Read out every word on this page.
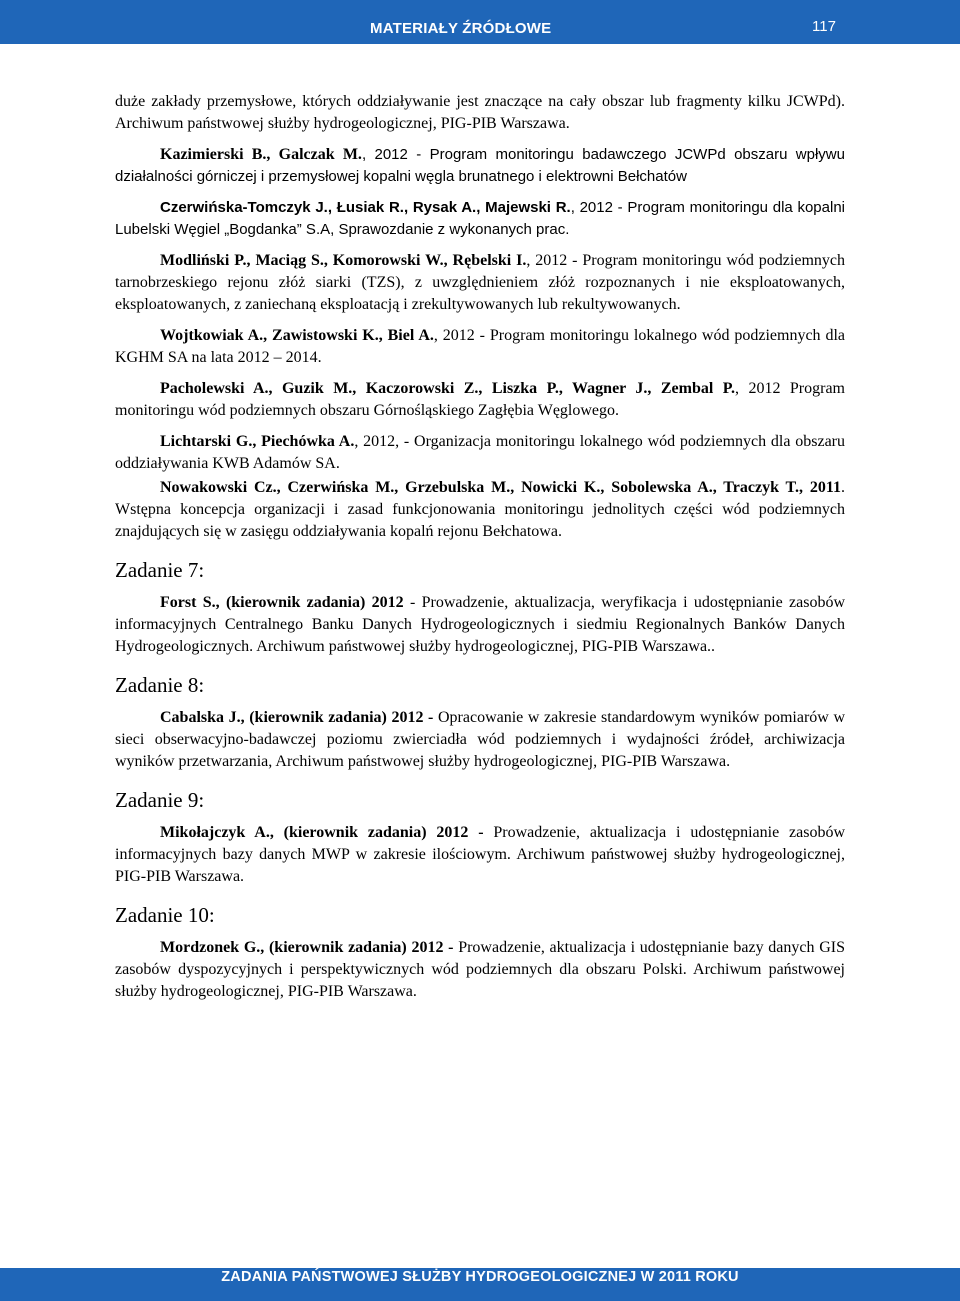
MATERIAŁY ŹRÓDŁOWE	117

duże zakłady przemysłowe, których oddziaływanie jest znaczące na cały obszar lub fragmenty kilku JCWPd). Archiwum państwowej służby hydrogeologicznej, PIG-PIB Warszawa.

Kazimierski B., Galczak M., 2012 - Program monitoringu badawczego JCWPd obszaru wpływu działalności górniczej i przemysłowej kopalni węgla brunatnego i elektrowni Bełchatów

Czerwińska-Tomczyk J., Łusiak R., Rysak A., Majewski R., 2012 - Program monitoringu dla kopalni Lubelski Węgiel „Bogdanka” S.A, Sprawozdanie z wykonanych prac.

Modliński P., Maciąg S., Komorowski W., Rębelski I., 2012 - Program monitoringu wód podziemnych tarnobrzeskiego rejonu złóż siarki (TZS), z uwzględnieniem złóż rozpoznanych i nie eksploatowanych, eksploatowanych, z zaniechaną eksploatacją i zrekultywowanych lub rekultywowanych.

Wojtkowiak A., Zawistowski K., Biel A., 2012 - Program monitoringu lokalnego wód podziemnych dla KGHM SA na lata 2012 – 2014.

Pacholewski A., Guzik M., Kaczorowski Z., Liszka P., Wagner J., Zembal P., 2012 Program monitoringu wód podziemnych obszaru Górnośląskiego Zagłębia Węglowego.

Lichtarski G., Piechówka A., 2012, - Organizacja monitoringu lokalnego wód podziemnych dla obszaru oddziaływania KWB Adamów SA.

Nowakowski Cz., Czerwińska M., Grzebulska M., Nowicki K., Sobolewska A., Traczyk T., 2011. Wstępna koncepcja organizacji i zasad funkcjonowania monitoringu jednolitych części wód podziemnych znajdujących się w zasięgu oddziaływania kopalń rejonu Bełchatowa.

Zadanie 7:

Forst S., (kierownik zadania) 2012 - Prowadzenie, aktualizacja, weryfikacja i udostępnianie zasobów informacyjnych Centralnego Banku Danych Hydrogeologicznych i siedmiu Regionalnych Banków Danych Hydrogeologicznych. Archiwum państwowej służby hydrogeologicznej, PIG-PIB Warszawa..

Zadanie 8:

Cabalska J., (kierownik zadania) 2012 - Opracowanie w zakresie standardowym wyników pomiarów w sieci obserwacyjno-badawczej poziomu zwierciadła wód podziemnych i wydajności źródeł, archiwizacja wyników przetwarzania, Archiwum państwowej służby hydrogeologicznej, PIG-PIB Warszawa.

Zadanie 9:

Mikołajczyk A., (kierownik zadania) 2012 - Prowadzenie, aktualizacja i udostępnianie zasobów informacyjnych bazy danych MWP w zakresie ilościowym. Archiwum państwowej służby hydrogeologicznej, PIG-PIB Warszawa.

Zadanie 10:

Mordzonek G., (kierownik zadania) 2012 - Prowadzenie, aktualizacja i udostępnianie bazy danych GIS zasobów dyspozycyjnych i perspektywicznych wód podziemnych dla obszaru Polski. Archiwum państwowej służby hydrogeologicznej, PIG-PIB Warszawa.

ZADANIA PAŃSTWOWEJ SŁUŻBY HYDROGEOLOGICZNEJ W 2011 ROKU
